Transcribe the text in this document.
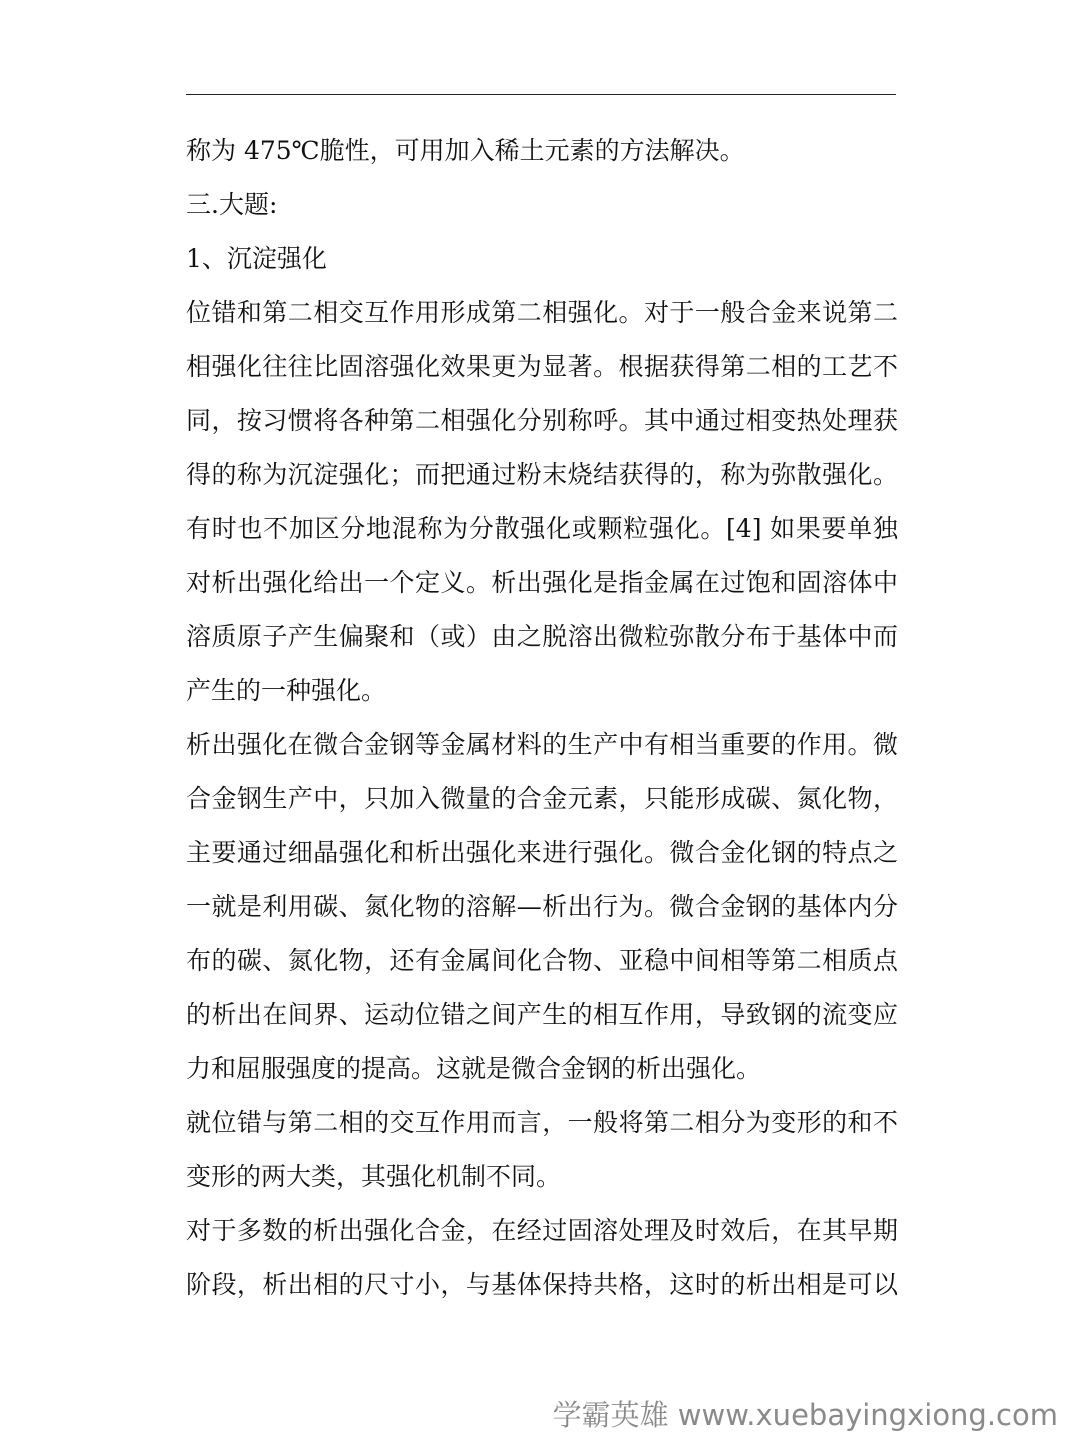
称为 475℃脆性，可用加入稀土元素的方法解决。
三.大题:
1、沉淀强化
位错和第二相交互作用形成第二相强化。对于一般合金来说第二
相强化往往比固溶强化效果更为显著。根据获得第二相的工艺不
同，按习惯将各种第二相强化分别称呼。其中通过相变热处理获
得的称为沉淀强化；而把通过粉末烧结获得的，称为弥散强化。
有时也不加区分地混称为分散强化或颗粒强化。[4] 如果要单独
对析出强化给出一个定义。析出强化是指金属在过饱和固溶体中
溶质原子产生偏聚和（或）由之脱溶出微粒弥散分布于基体中而
产生的一种强化。
析出强化在微合金钢等金属材料的生产中有相当重要的作用。微
合金钢生产中，只加入微量的合金元素，只能形成碳、氮化物，
主要通过细晶强化和析出强化来进行强化。微合金化钢的特点之
一就是利用碳、氮化物的溶解—析出行为。微合金钢的基体内分
布的碳、氮化物，还有金属间化合物、亚稳中间相等第二相质点
的析出在间界、运动位错之间产生的相互作用，导致钢的流变应
力和屈服强度的提高。这就是微合金钢的析出强化。
就位错与第二相的交互作用而言，一般将第二相分为变形的和不
变形的两大类，其强化机制不同。
对于多数的析出强化合金，在经过固溶处理及时效后，在其早期
阶段，析出相的尺寸小，与基体保持共格，这时的析出相是可以
学霸英雄 www.xuebayingxiong.com
